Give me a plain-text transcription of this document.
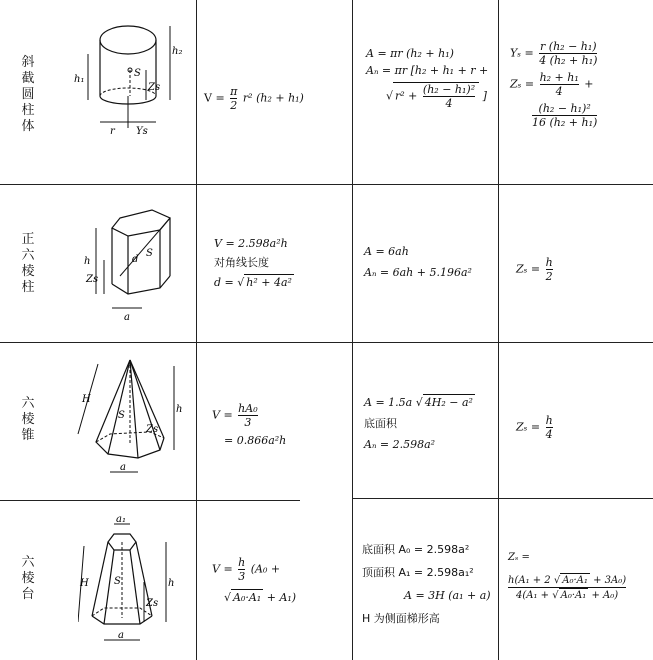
斜
截
圆
柱
体
h₁
h₂
Zs
S
r Ys
$V = \frac{\pi}{2} r^2$ (h₂ + h₁)
A = πr (h₂ + h₁)
Aₙ = πr [h₂ + h₁ + r +
√ $r^2 + \frac{\text{(h₂ − h₁)²}}{4}$ ]
$Y_s = \frac{\text{r (h₂ − h₁)}}{\text{4 (h₂ + h₁)}}$
$Z_s = \frac{\text{h₂ + h₁}}{4}$ +
$\frac{\text{(h₂ − h₁)²}}{\text{16 (h₂ + h₁)}}$
正
六
棱
柱
h
Zs
d
S
a
V = 2.598a²h
对角线长度
d = √ h² + 4a²
A = 6ah
Aₙ = 6ah + 5.196a²	$Z_s = \frac{h}{2}$
六
棱
锥
H
h
Zs
S
a
$V = \frac{\text{hA₀}}{3}$
= 0.866a²h
A = 1.5a √ 4H₂ − a²
底面积
Aₙ = 2.598a²
$Z_s = \frac{h}{4}$
六
棱
台
a₁
H	h
Zs
S
a
$V = \frac{h}{3} (A_0$ +
√ A₀·A₁ + A₁)
底面积 A₀ = 2.598a²
顶面积 A₁ = 2.598a₁²
A = 3H (a₁ + a)
H 为侧面梯形高
Zₛ =
$\frac{\text{h(A₁ + 2 √ A₀·A₁ + 3A₀)}}{\text{4(A₁ + √ A₀·A₁ + A₀)}}$
